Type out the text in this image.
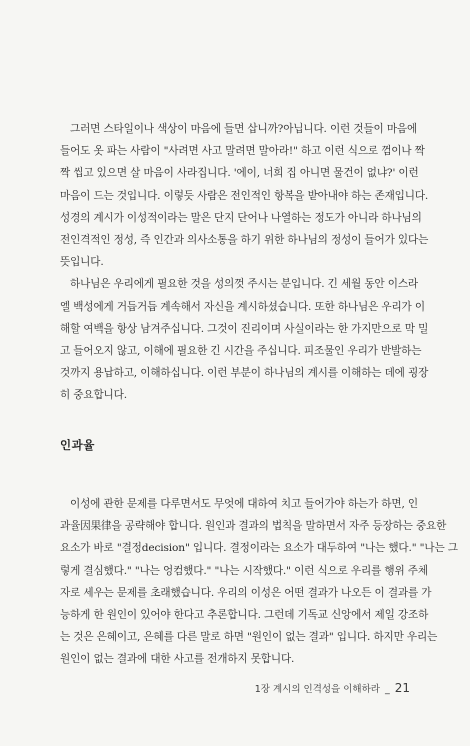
그러면 스타일이나 색상이 마음에 들면 삽니까?아닙니다. 이런 것들이 마음에
들어도 옷 파는 사람이 "사려면 사고 말려면 말아라!" 하고 이런 식으로 껌이나 짝
짝 씹고 있으면 살 마음이 사라집니다. '에이, 너희 집 아니면 물건이 없냐?' 이런
마음이 드는 것입니다. 이렇듯 사람은 전인적인 항복을 받아내야 하는 존재입니다.
성경의 계시가 이성적이라는 말은 단지 단어나 나열하는 정도가 아니라 하나님의
전인격적인 정성, 즉 인간과 의사소통을 하기 위한 하나님의 정성이 들어가 있다는
뜻입니다.
하나님은 우리에게 필요한 것을 성의껏 주시는 분입니다. 긴 세월 동안 이스라
엘 백성에게 거듭거듭 계속해서 자신을 계시하셨습니다. 또한 하나님은 우리가 이
해할 여백을 항상 남겨주십니다. 그것이 진리이며 사실이라는 한 가지만으로 막 밀
고 들어오지 않고, 이해에 필요한 긴 시간을 주십니다. 피조물인 우리가 반발하는
것까지 용납하고, 이해하십니다. 이런 부분이 하나님의 계시를 이해하는 데에 굉장
히 중요합니다.
인과율
이성에 관한 문제를 다루면서도 무엇에 대하여 치고 들어가야 하는가 하면, 인
과율因果律을 공략해야 합니다. 원인과 결과의 법칙을 말하면서 자주 등장하는 중요한
요소가 바로 "결정decision" 입니다. 결정이라는 요소가 대두하여 "나는 했다." "나는 그
렇게 결심했다." "나는 엉컴했다." "나는 시작했다." 이런 식으로 우리를 행위 주체
자로 세우는 문제를 초래했습니다. 우리의 이성은 어떤 결과가 나오든 이 결과를 가
능하게 한 원인이 있어야 한다고 추론합니다. 그런데 기독교 신앙에서 제일 강조하
는 것은 은혜이고, 은혜를 다른 말로 하면 "원인이 없는 결과" 입니다. 하지만 우리는
원인이 없는 결과에 대한 사고를 전개하지 못합니다.
1장 계시의 인격성을 이해하라 _ 21
